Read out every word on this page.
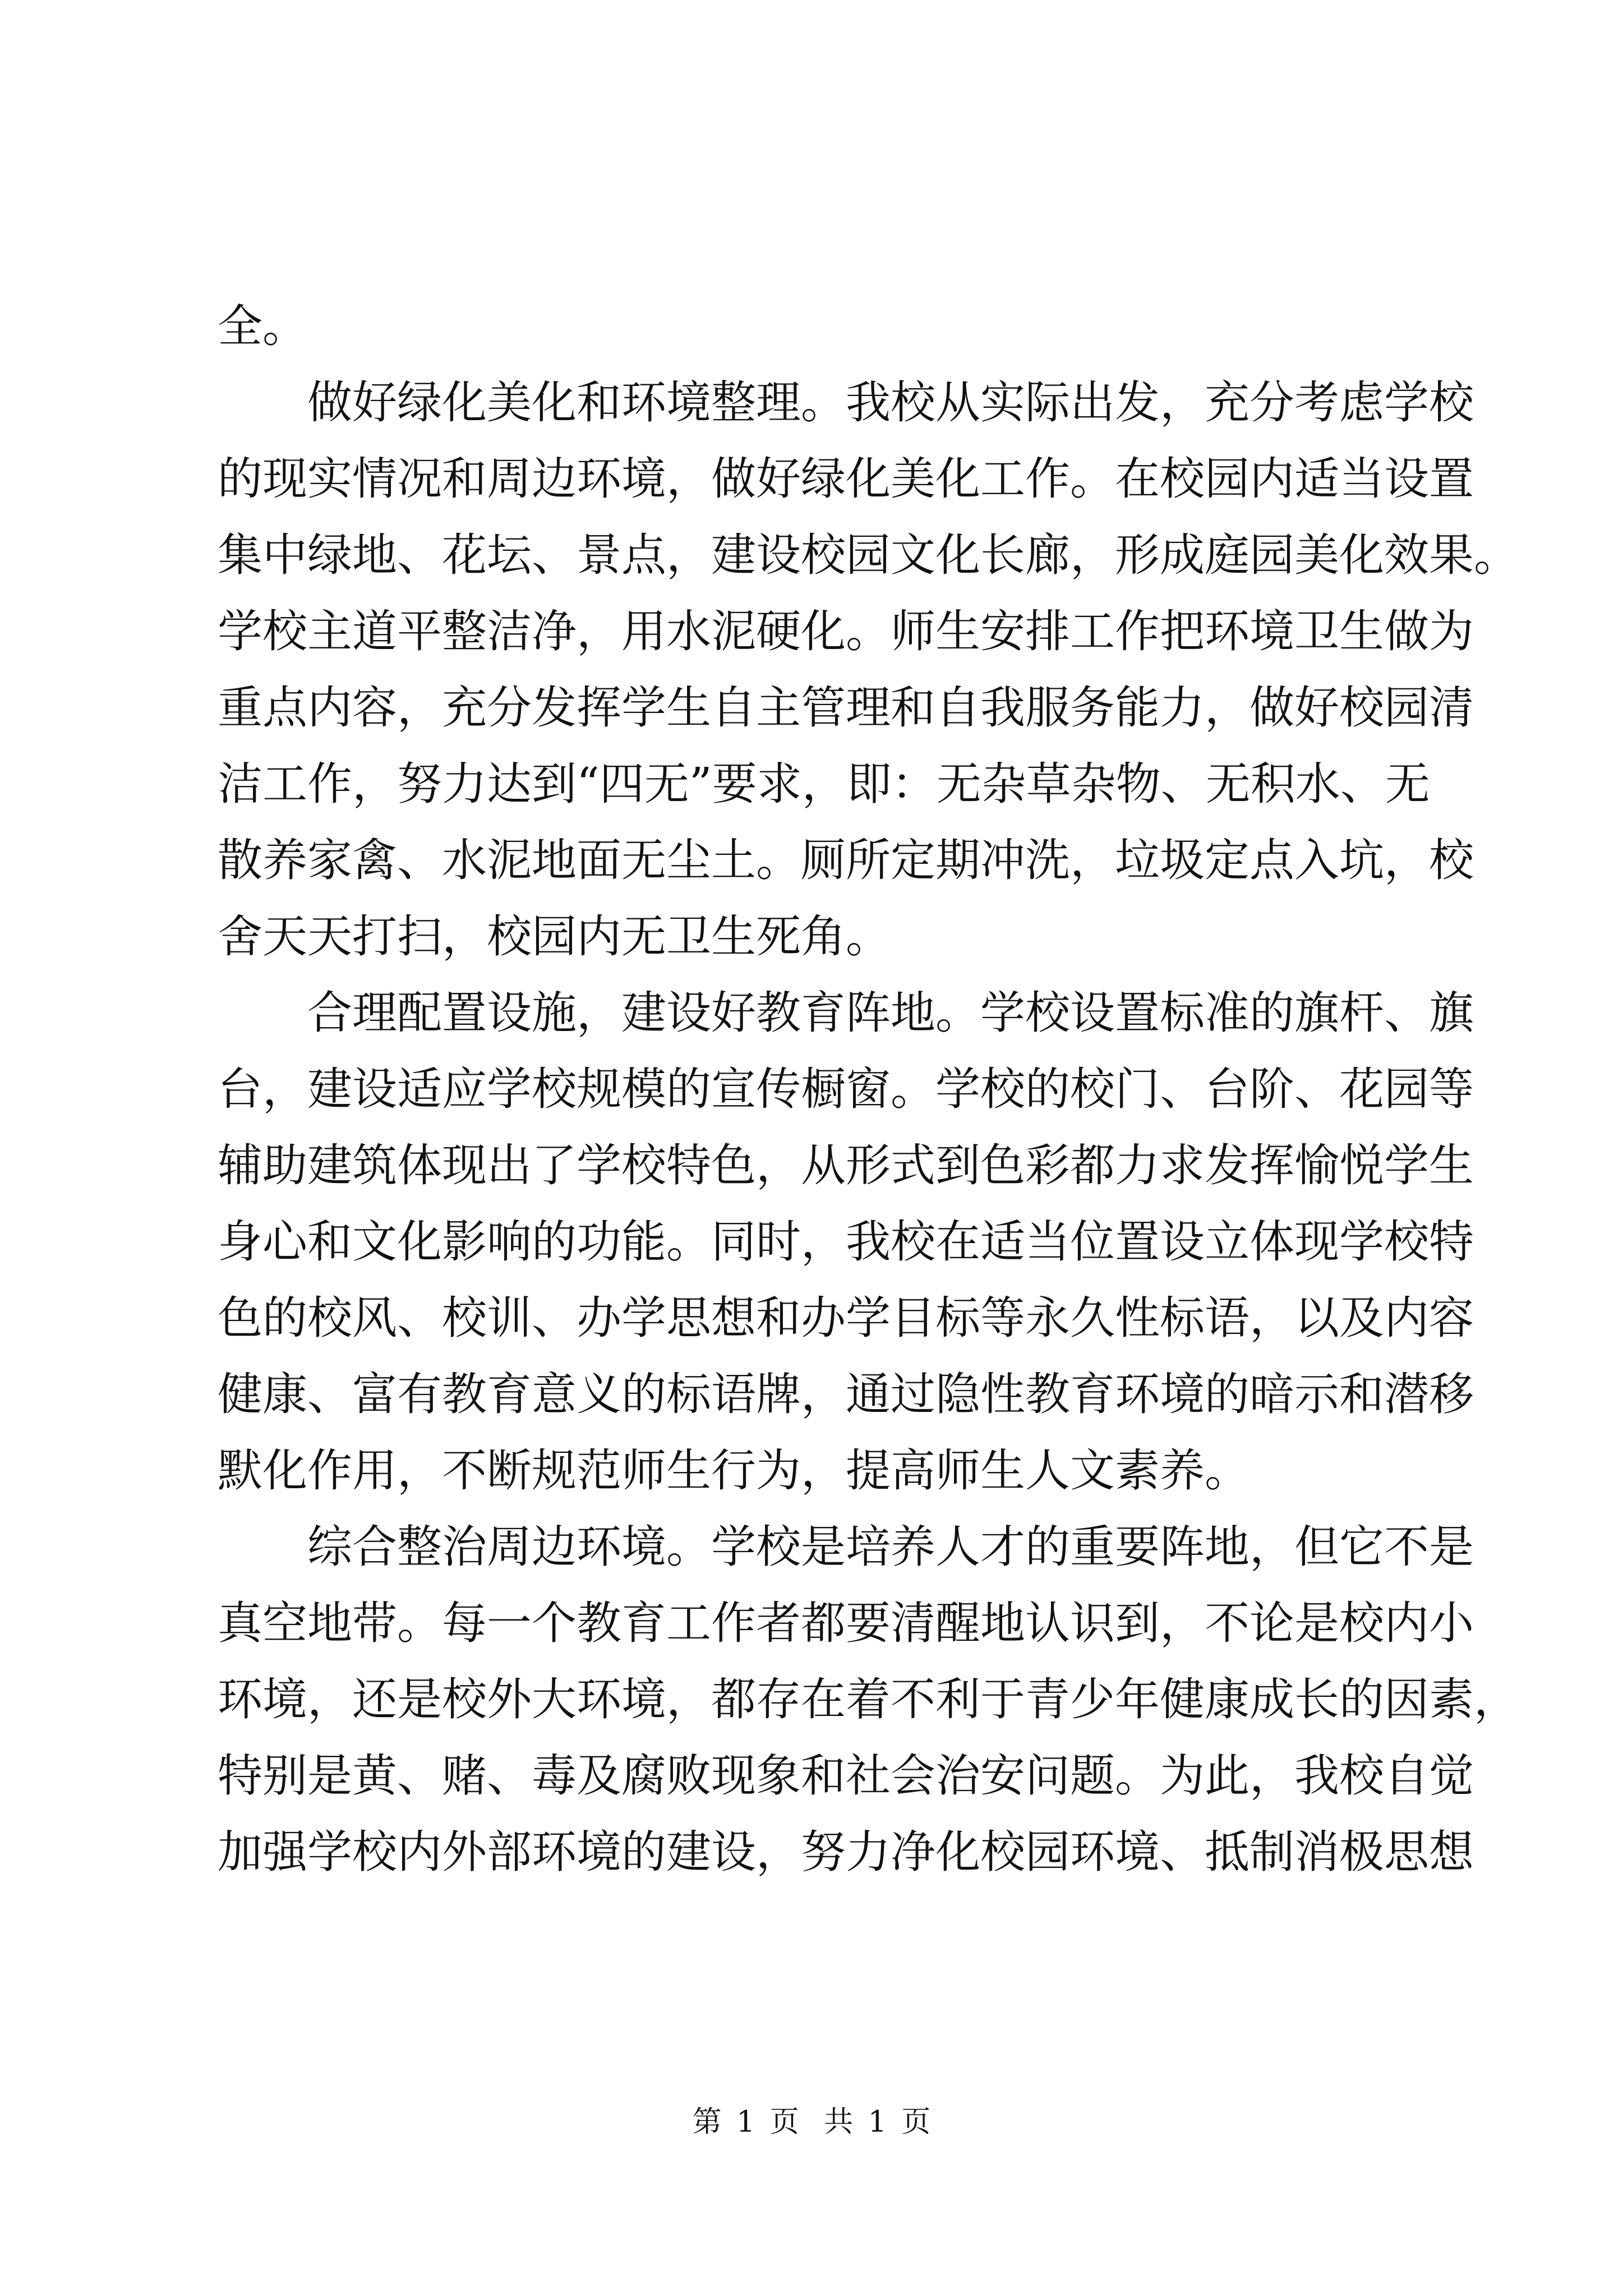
全。
做好绿化美化和环境整理。我校从实际出发，充分考虑学校
的现实情况和周边环境，做好绿化美化工作。在校园内适当设置
集中绿地、花坛、景点，建设校园文化长廊，形成庭园美化效果。
学校主道平整洁净，用水泥硬化。师生安排工作把环境卫生做为
重点内容，充分发挥学生自主管理和自我服务能力，做好校园清
洁工作，努力达到“四无”要求，即：无杂草杂物、无积水、无
散养家禽、水泥地面无尘土。厕所定期冲洗，垃圾定点入坑，校
舍天天打扫，校园内无卫生死角。
合理配置设施，建设好教育阵地。学校设置标准的旗杆、旗
台，建设适应学校规模的宣传橱窗。学校的校门、台阶、花园等
辅助建筑体现出了学校特色，从形式到色彩都力求发挥愉悦学生
身心和文化影响的功能。同时，我校在适当位置设立体现学校特
色的校风、校训、办学思想和办学目标等永久性标语，以及内容
健康、富有教育意义的标语牌，通过隐性教育环境的暗示和潜移
默化作用，不断规范师生行为，提高师生人文素养。
综合整治周边环境。学校是培养人才的重要阵地，但它不是
真空地带。每一个教育工作者都要清醒地认识到，不论是校内小
环境，还是校外大环境，都存在着不利于青少年健康成长的因素，
特别是黄、赌、毒及腐败现象和社会治安问题。为此，我校自觉
加强学校内外部环境的建设，努力净化校园环境、抵制消极思想
第 1 页 共 1 页
